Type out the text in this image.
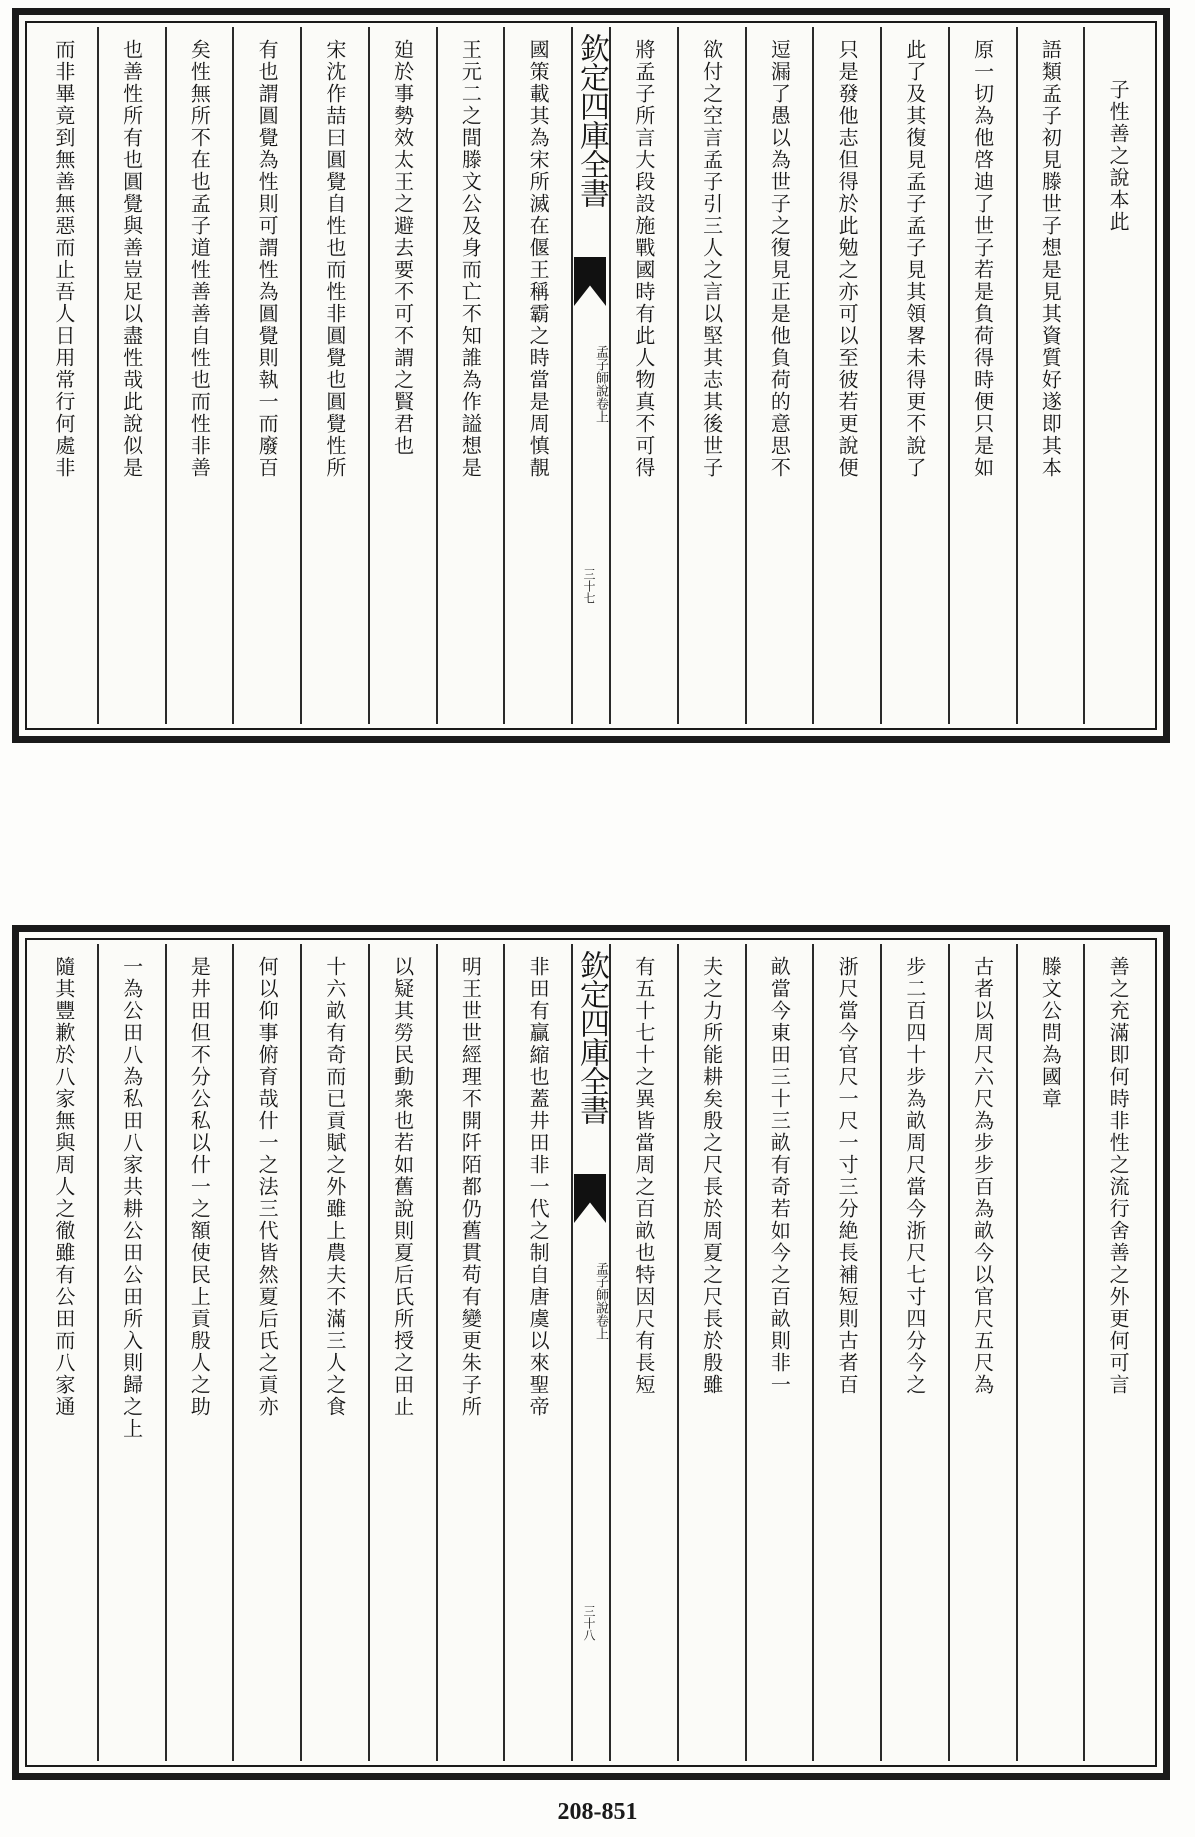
子性善之說本此
語類孟子初見滕世子想是見其資質好遂即其本
原一切為他啓迪了世子若是負荷得時便只是如
此了及其復見孟子孟子見其領畧未得更不說了
只是發他志但得於此勉之亦可以至彼若更說便
逗漏了愚以為世子之復見正是他負荷的意思不
欲付之空言孟子引三人之言以堅其志其後世子
將孟子所言大段設施戰國時有此人物真不可得
欽定四庫全書
孟子師說
卷上
三十七
國策載其為宋所滅在偃王稱霸之時當是周慎靚
王元二之間滕文公及身而亡不知誰為作謚想是
廹於事勢效太王之避去要不可不謂之賢君也
宋沈作喆曰圓覺自性也而性非圓覺也圓覺性所
有也謂圓覺為性則可謂性為圓覺則執一而廢百
矣性無所不在也孟子道性善善自性也而性非善
也善性所有也圓覺與善豈足以盡性哉此說似是
而非畢竟到無善無惡而止吾人日用常行何處非
善之充滿即何時非性之流行舍善之外更何可言
滕文公問為國章
古者以周尺六尺為步步百為畝今以官尺五尺為
步二百四十步為畝周尺當今浙尺七寸四分今之
浙尺當今官尺一尺一寸三分絶長補短則古者百
畝當今東田三十三畝有奇若如今之百畝則非一
夫之力所能耕矣殷之尺長於周夏之尺長於殷雖
有五十七十之異皆當周之百畝也特因尺有長短
欽定四庫全書
孟子師說
卷上
三十八
非田有贏縮也蓋井田非一代之制自唐虞以來聖帝
明王世世經理不開阡陌都仍舊貫苟有變更朱子所
以疑其勞民動衆也若如舊說則夏后氏所授之田止
十六畝有奇而已貢賦之外雖上農夫不滿三人之食
何以仰事俯育哉什一之法三代皆然夏后氏之貢亦
是井田但不分公私以什一之額使民上貢殷人之助
一為公田八為私田八家共耕公田公田所入則歸之上
隨其豐歉於八家無與周人之徹雖有公田而八家通
208-851
